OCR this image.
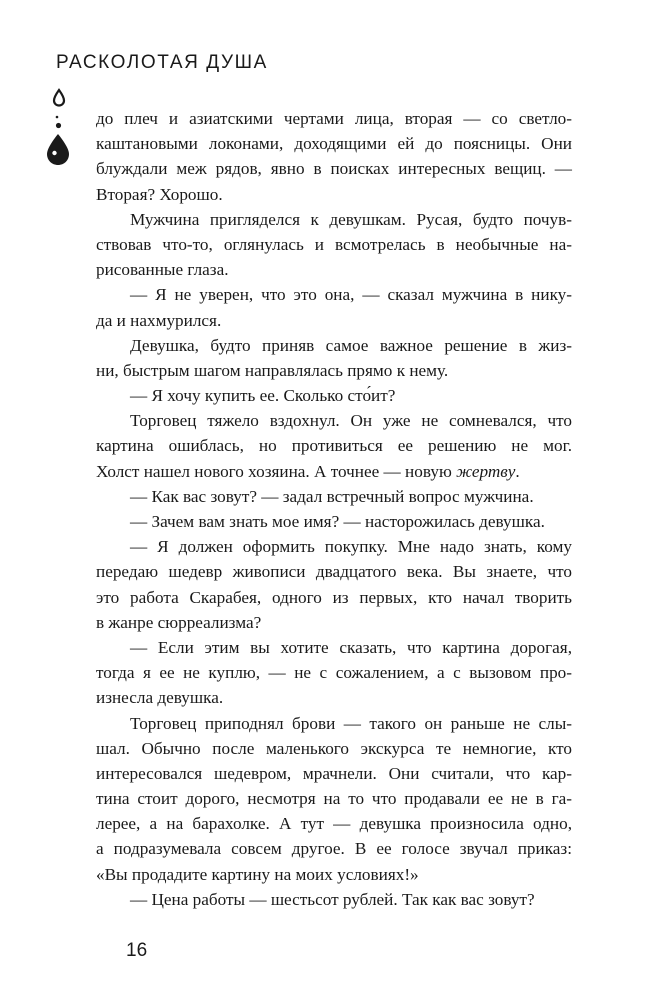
РАСКОЛОТАЯ ДУША
до плеч и азиатскими чертами лица, вторая — со светло-
каштановыми локонами, доходящими ей до поясницы. Они
блуждали меж рядов, явно в поисках интересных вещиц. —
Вторая? Хорошо.
Мужчина пригляделся к девушкам. Русая, будто почув-
ствовав что-то, оглянулась и всмотрелась в необычные на-
рисованные глаза.
— Я не уверен, что это она, — сказал мужчина в нику-
да и нахмурился.
Девушка, будто приняв самое важное решение в жиз-
ни, быстрым шагом направлялась прямо к нему.
— Я хочу купить ее. Сколько сто́ит?
Торговец тяжело вздохнул. Он уже не сомневался, что
картина ошиблась, но противиться ее решению не мог.
Холст нашел нового хозяина. А точнее — новую жертву.
— Как вас зовут? — задал встречный вопрос мужчина.
— Зачем вам знать мое имя? — насторожилась девушка.
— Я должен оформить покупку. Мне надо знать, кому
передаю шедевр живописи двадцатого века. Вы знаете, что
это работа Скарабея, одного из первых, кто начал творить
в жанре сюрреализма?
— Если этим вы хотите сказать, что картина дорогая,
тогда я ее не куплю, — не с сожалением, а с вызовом про-
изнесла девушка.
Торговец приподнял брови — такого он раньше не слы-
шал. Обычно после маленького экскурса те немногие, кто
интересовался шедевром, мрачнели. Они считали, что кар-
тина стоит дорого, несмотря на то что продавали ее не в га-
лерее, а на барахолке. А тут — девушка произносила одно,
а подразумевала совсем другое. В ее голосе звучал приказ:
«Вы продадите картину на моих условиях!»
— Цена работы — шестьсот рублей. Так как вас зовут?
16
